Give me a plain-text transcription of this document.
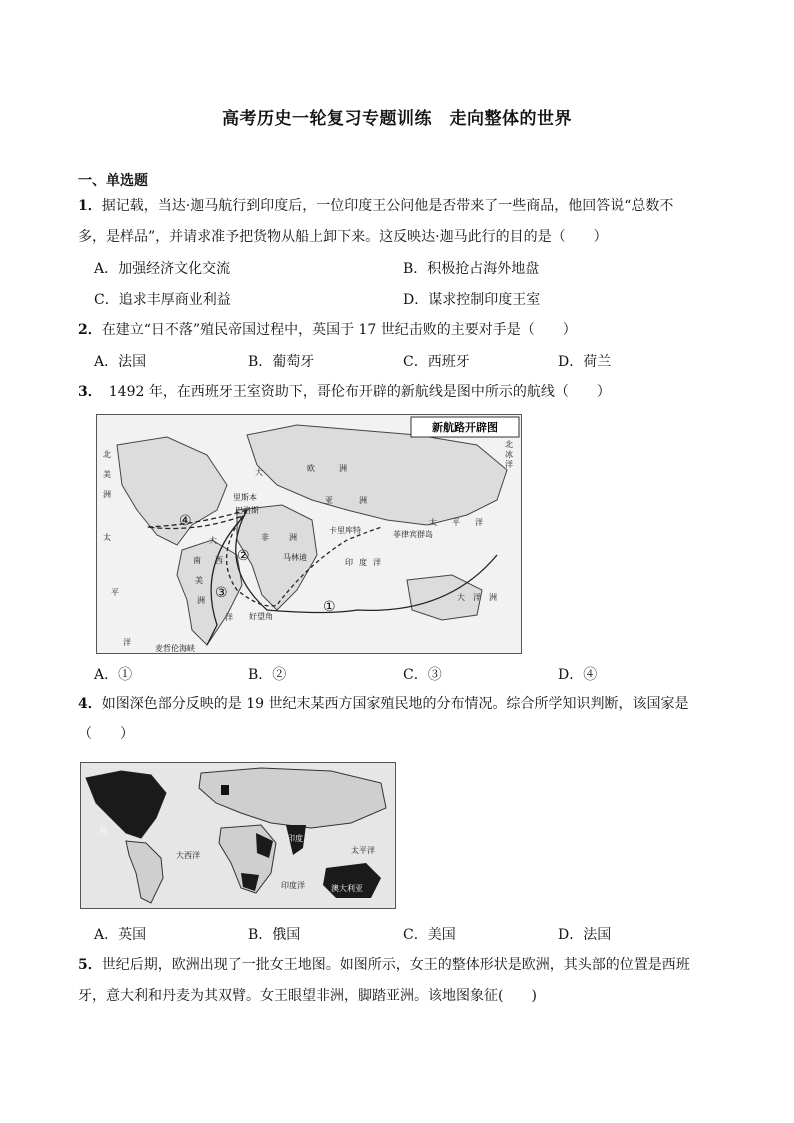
高考历史一轮复习专题训练　走向整体的世界
一、单选题
1．据记载，当达·迦马航行到印度后，一位印度王公问他是否带来了一些商品，他回答说“总数不
多，是样品”，并请求准予把货物从船上卸下来。这反映达·迦马此行的目的是（　　）
A．加强经济文化交流	B．积极抢占海外地盘
C．追求丰厚商业利益	D．谋求控制印度王室
2．在建立“日不落”殖民帝国过程中，英国于 17 世纪击败的主要对手是（　　）
A．法国	B．葡萄牙	C．西班牙	D．荷兰
3．　1492 年，在西班牙王室资助下，哥伦布开辟的新航线是图中所示的航线（　　）
新航路开辟图
北
美
洲
大	欧	洲
亚	洲
非	洲
南
美
洲
太
平
洋
大
西
洋
印 度 洋
大 洋 洲
太 平 洋
北
冰
洋
里斯本
巴洛斯
卡里库特
马林迪
好望角
麦哲伦海峡
菲律宾群岛
①
②
③
④
A．①	B．②	C．③	D．④
4．如图深色部分反映的是 19 世纪末某西方国家殖民地的分布情况。综合所学知识判断，该国家是
（　　）
英
印度
澳大利亚
太平洋
大西洋
印度洋
A．英国	B．俄国	C．美国	D．法国
5．世纪后期，欧洲出现了一批女王地图。如图所示，女王的整体形状是欧洲，其头部的位置是西班
牙，意大利和丹麦为其双臂。女王眼望非洲，脚踏亚洲。该地图象征(　　)
